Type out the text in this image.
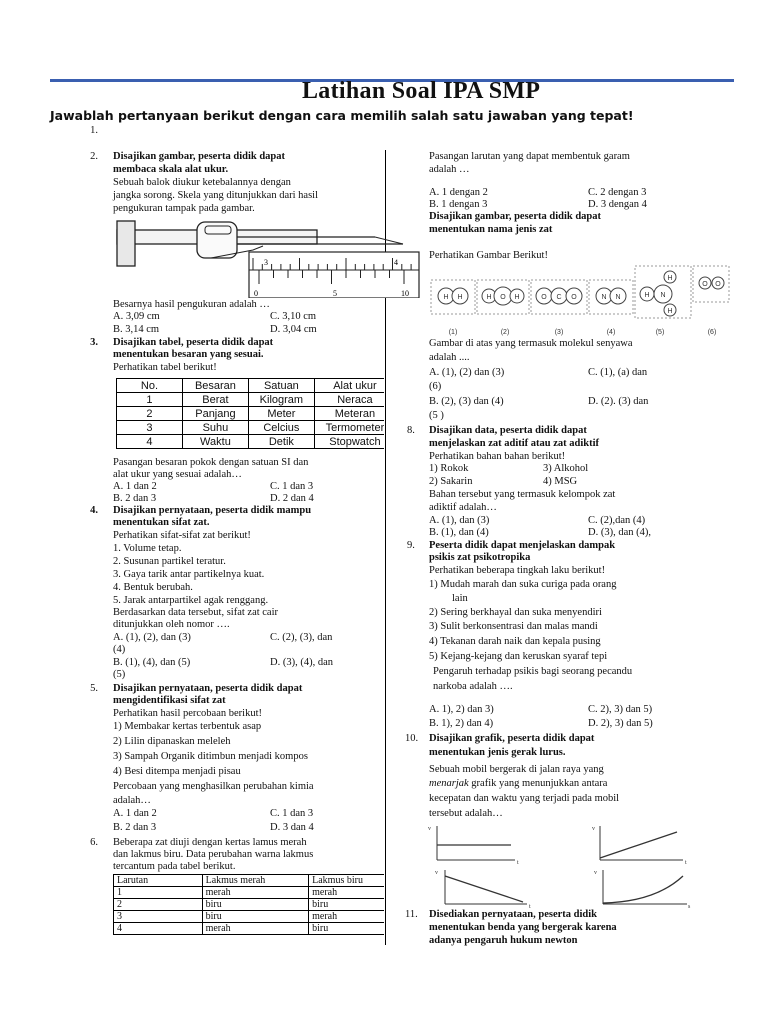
Latihan Soal IPA SMP
Jawablah pertanyaan berikut dengan cara memilih salah satu jawaban yang tepat!
1.
2. Disajikan gambar, peserta didik dapat
membaca skala alat ukur.
Sebuah balok diukur ketebalannya dengan
jangka sorong. Skela yang ditunjukkan dari hasil
pengukuran tampak pada gambar.
3	4
0	5	10
Besarnya hasil pengukuran adalah …
A. 3,09 cm	C. 3,10 cm
B. 3,14 cm	D. 3,04 cm
3. Disajikan tabel, peserta didik dapat
menentukan besaran yang sesuai.
Perhatikan tabel berikut!
No.	Besaran	Satuan	Alat ukur
1	Berat	Kilogram	Neraca
2	Panjang	Meter	Meteran
3	Suhu	Celcius	Termometer
4	Waktu	Detik	Stopwatch
Pasangan besaran pokok dengan satuan SI dan
alat ukur yang sesuai adalah…
A. 1 dan 2	C. 1 dan 3
B. 2 dan 3	D. 2 dan 4
4. Disajikan pernyataan, peserta didik mampu
menentukan sifat zat.
Perhatikan sifat-sifat zat berikut!
1. Volume tetap.
2. Susunan partikel teratur.
3. Gaya tarik antar partikelnya kuat.
4. Bentuk berubah.
5. Jarak antarpartikel agak renggang.
Berdasarkan data tersebut, sifat zat cair
ditunjukkan oleh nomor ….
A. (1), (2), dan (3)	C. (2), (3), dan
(4)
B. (1), (4), dan (5)	D. (3), (4), dan
(5)
5. Disajikan pernyataan, peserta didik dapat
mengidentifikasi sifat zat
Perhatikan hasil percobaan berikut!
1) Membakar kertas terbentuk asap
2) Lilin dipanaskan meleleh
3) Sampah Organik ditimbun menjadi kompos
4) Besi ditempa menjadi pisau
Percobaan yang menghasilkan perubahan kimia
adalah…
A. 1 dan 2	C. 1 dan 3
B. 2 dan 3	D. 3 dan 4
6. Beberapa zat diuji dengan kertas lamus merah
dan lakmus biru. Data perubahan warna lakmus
tercantum pada tabel berikut.
Larutan	Lakmus merah	Lakmus biru
1	merah	merah
2	biru	biru
3	biru	merah
4	merah	biru
Pasangan larutan yang dapat membentuk garam
adalah …
A. 1 dengan 2	C. 2 dengan 3
B. 1 dengan 3	D. 3 dengan 4
Disajikan gambar, peserta didik dapat
menentukan nama jenis zat
Perhatikan Gambar Berikut!
H H	H O H	O C O	N N	H N
H
H
O O
(1)	(2)	(3)	(4)	(5)	(6)
Gambar di atas yang termasuk molekul senyawa
adalah ....
A. (1), (2) dan (3)	C. (1), (a) dan
(6)
B. (2), (3) dan (4)	D. (2). (3) dan
(5 )
8. Disajikan data, peserta didik dapat
menjelaskan zat aditif atau zat adiktif
Perhatikan bahan bahan berikut!
1) Rokok	3) Alkohol
2) Sakarin	4) MSG
Bahan tersebut yang termasuk kelompok zat
adiktif adalah…
A. (1), dan (3)	C. (2),dan (4)
B. (1), dan (4)	D. (3), dan (4),
9. Peserta didik dapat menjelaskan dampak
psikis zat psikotropika
Perhatikan beberapa tingkah laku berikut!
1) Mudah marah dan suka curiga pada orang
lain
2) Sering berkhayal dan suka menyendiri
3) Sulit berkonsentrasi dan malas mandi
4) Tekanan darah naik dan kepala pusing
5) Kejang-kejang dan keruskan syaraf tepi
Pengaruh terhadap psikis bagi seorang pecandu
narkoba adalah ….
A. 1), 2) dan 3)	C. 2), 3) dan 5)
B. 1), 2) dan 4)	D. 2), 3) dan 5)
10. Disajikan grafik, peserta didik dapat
menentukan jenis gerak lurus.
Sebuah mobil bergerak di jalan raya yang
menarjak grafik yang menunjukkan antara
kecepatan dan waktu yang terjadi pada mobil
tersebut adalah…
v	v
v	v
t	t
t	s
11. Disediakan pernyataan, peserta didik
menentukan benda yang bergerak karena
adanya pengaruh hukum newton
